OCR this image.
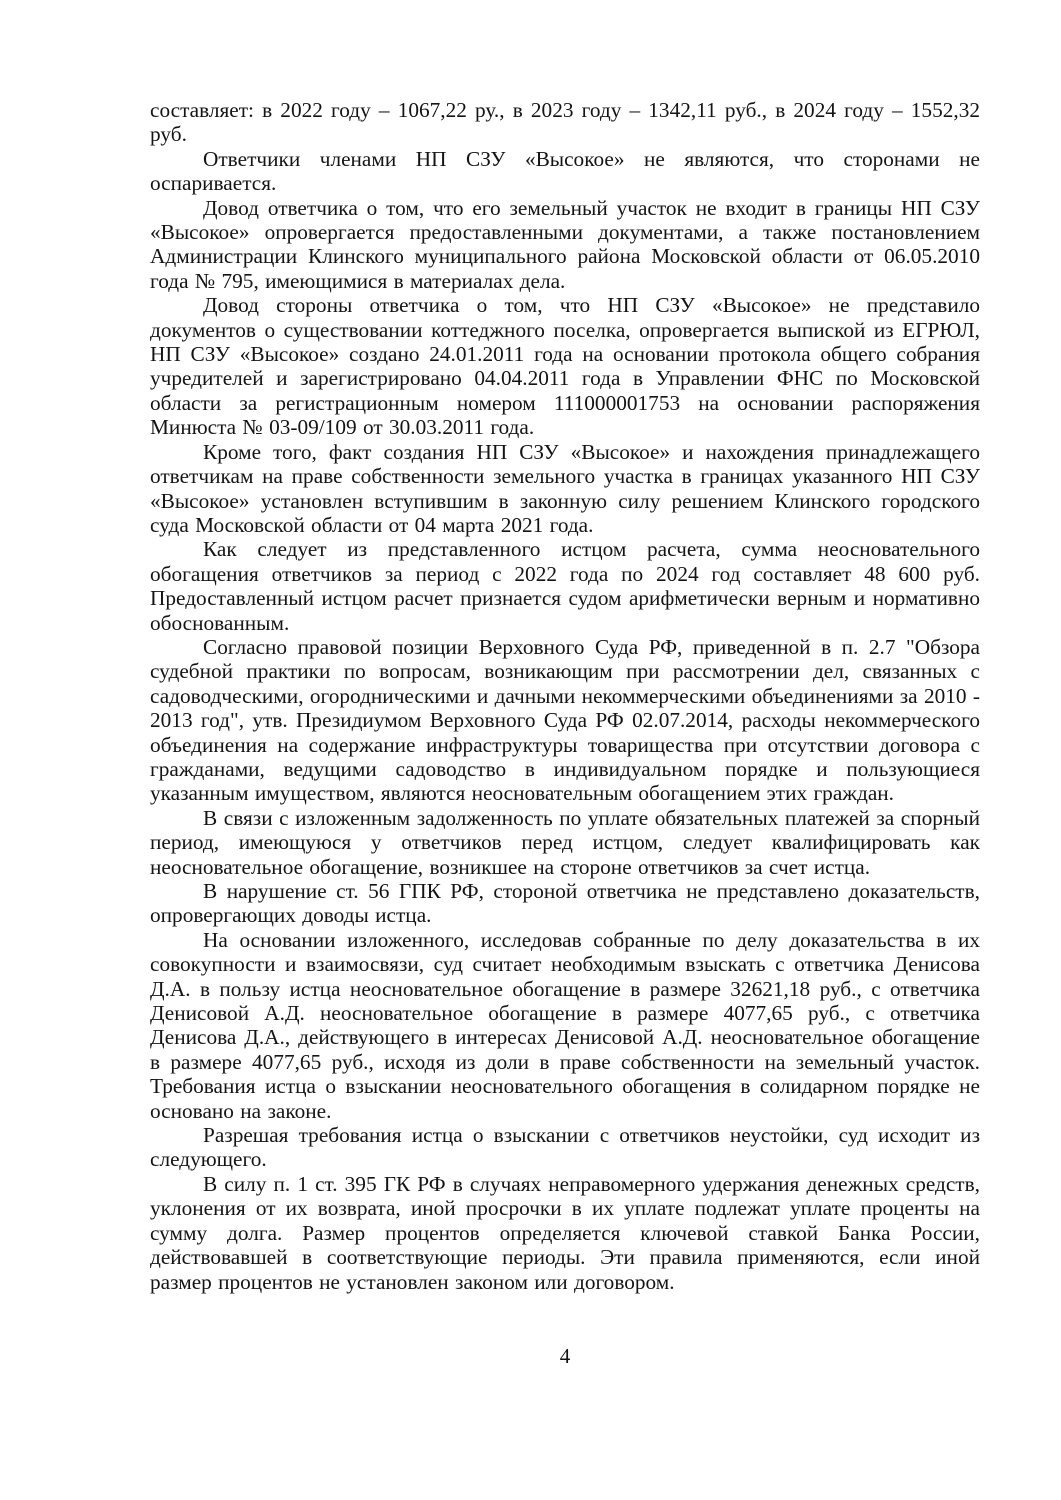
составляет: в 2022 году – 1067,22 ру., в 2023 году – 1342,11 руб., в 2024 году – 1552,32 руб.

Ответчики членами НП СЗУ «Высокое» не являются, что сторонами не оспаривается.

Довод ответчика о том, что его земельный участок не входит в границы НП СЗУ «Высокое» опровергается предоставленными документами, а также постановлением Администрации Клинского муниципального района Московской области от 06.05.2010 года № 795, имеющимися в материалах дела.

Довод стороны ответчика о том, что НП СЗУ «Высокое» не представило документов о существовании коттеджного поселка, опровергается выпиской из ЕГРЮЛ, НП СЗУ «Высокое» создано 24.01.2011 года на основании протокола общего собрания учредителей и зарегистрировано 04.04.2011 года в Управлении ФНС по Московской области за регистрационным номером 111000001753 на основании распоряжения Минюста № 03-09/109 от 30.03.2011 года.

Кроме того, факт создания НП СЗУ «Высокое» и нахождения принадлежащего ответчикам на праве собственности земельного участка в границах указанного НП СЗУ «Высокое» установлен вступившим в законную силу решением Клинского городского суда Московской области от 04 марта 2021 года.

Как следует из представленного истцом расчета, сумма неосновательного обогащения ответчиков за период с 2022 года по 2024 год составляет 48 600 руб. Предоставленный истцом расчет признается судом арифметически верным и нормативно обоснованным.

Согласно правовой позиции Верховного Суда РФ, приведенной в п. 2.7 "Обзора судебной практики по вопросам, возникающим при рассмотрении дел, связанных с садоводческими, огородническими и дачными некоммерческими объединениями за 2010 - 2013 год", утв. Президиумом Верховного Суда РФ 02.07.2014, расходы некоммерческого объединения на содержание инфраструктуры товарищества при отсутствии договора с гражданами, ведущими садоводство в индивидуальном порядке и пользующиеся указанным имуществом, являются неосновательным обогащением этих граждан.

В связи с изложенным задолженность по уплате обязательных платежей за спорный период, имеющуюся у ответчиков перед истцом, следует квалифицировать как неосновательное обогащение, возникшее на стороне ответчиков за счет истца.

В нарушение ст. 56 ГПК РФ, стороной ответчика не представлено доказательств, опровергающих доводы истца.

На основании изложенного, исследовав собранные по делу доказательства в их совокупности и взаимосвязи, суд считает необходимым взыскать с ответчика Денисова Д.А. в пользу истца неосновательное обогащение в размере 32621,18 руб., с ответчика Денисовой А.Д. неосновательное обогащение в размере 4077,65 руб., с ответчика Денисова Д.А., действующего в интересах Денисовой А.Д. неосновательное обогащение в размере 4077,65 руб., исходя из доли в праве собственности на земельный участок. Требования истца о взыскании неосновательного обогащения в солидарном порядке не основано на законе.

Разрешая требования истца о взыскании с ответчиков неустойки, суд исходит из следующего.

В силу п. 1 ст. 395 ГК РФ в случаях неправомерного удержания денежных средств, уклонения от их возврата, иной просрочки в их уплате подлежат уплате проценты на сумму долга. Размер процентов определяется ключевой ставкой Банка России, действовавшей в соответствующие периоды. Эти правила применяются, если иной размер процентов не установлен законом или договором.

4
